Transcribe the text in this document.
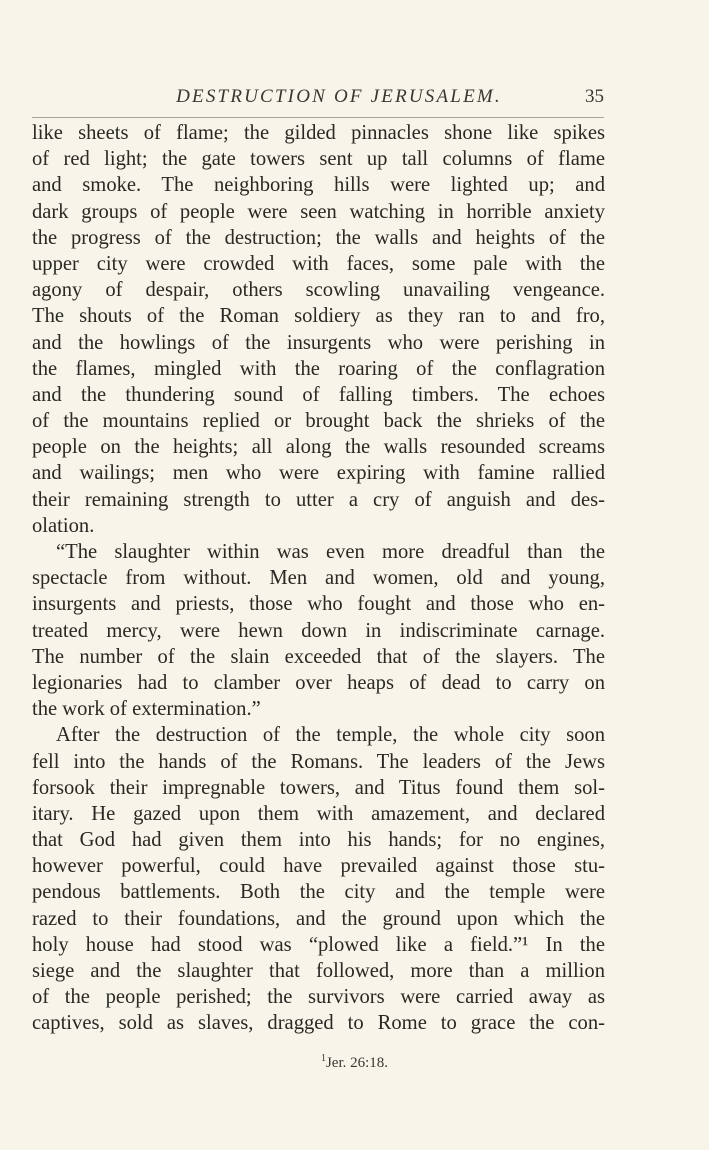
DESTRUCTION OF JERUSALEM.	35
like sheets of flame; the gilded pinnacles shone like spikes
of red light; the gate towers sent up tall columns of flame
and smoke. The neighboring hills were lighted up; and
dark groups of people were seen watching in horrible anxiety
the progress of the destruction; the walls and heights of the
upper city were crowded with faces, some pale with the
agony of despair, others scowling unavailing vengeance.
The shouts of the Roman soldiery as they ran to and fro,
and the howlings of the insurgents who were perishing in
the flames, mingled with the roaring of the conflagration
and the thundering sound of falling timbers. The echoes
of the mountains replied or brought back the shrieks of the
people on the heights; all along the walls resounded screams
and wailings; men who were expiring with famine rallied
their remaining strength to utter a cry of anguish and des-
olation.
“The slaughter within was even more dreadful than the
spectacle from without. Men and women, old and young,
insurgents and priests, those who fought and those who en-
treated mercy, were hewn down in indiscriminate carnage.
The number of the slain exceeded that of the slayers. The
legionaries had to clamber over heaps of dead to carry on
the work of extermination.”
After the destruction of the temple, the whole city soon
fell into the hands of the Romans. The leaders of the Jews
forsook their impregnable towers, and Titus found them sol-
itary. He gazed upon them with amazement, and declared
that God had given them into his hands; for no engines,
however powerful, could have prevailed against those stu-
pendous battlements. Both the city and the temple were
razed to their foundations, and the ground upon which the
holy house had stood was “plowed like a field.”¹ In the
siege and the slaughter that followed, more than a million
of the people perished; the survivors were carried away as
captives, sold as slaves, dragged to Rome to grace the con-
$^1$Jer. 26:18.
